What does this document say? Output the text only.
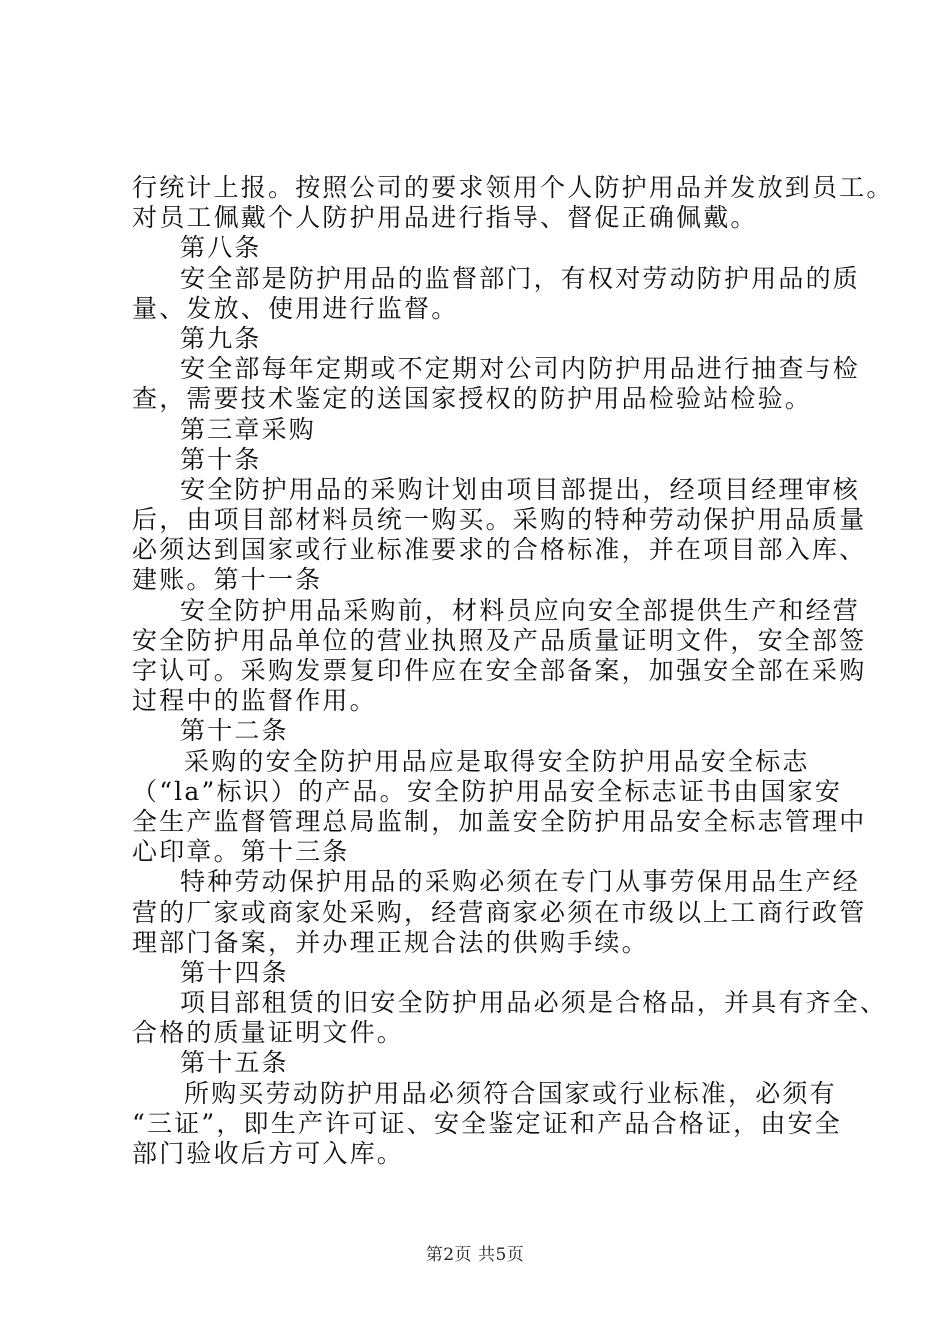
行统计上报。按照公司的要求领用个人防护用品并发放到员工。
对员工佩戴个人防护用品进行指导、督促正确佩戴。
第八条
安全部是防护用品的监督部门，有权对劳动防护用品的质
量、发放、使用进行监督。
第九条
安全部每年定期或不定期对公司内防护用品进行抽查与检
查，需要技术鉴定的送国家授权的防护用品检验站检验。
第三章采购
第十条
安全防护用品的采购计划由项目部提出，经项目经理审核
后，由项目部材料员统一购买。采购的特种劳动保护用品质量
必须达到国家或行业标准要求的合格标准，并在项目部入库、
建账。第十一条
安全防护用品采购前，材料员应向安全部提供生产和经营
安全防护用品单位的营业执照及产品质量证明文件，安全部签
字认可。采购发票复印件应在安全部备案，加强安全部在采购
过程中的监督作用。
第十二条
采购的安全防护用品应是取得安全防护用品安全标志
（“la”标识）的产品。安全防护用品安全标志证书由国家安
全生产监督管理总局监制，加盖安全防护用品安全标志管理中
心印章。第十三条
特种劳动保护用品的采购必须在专门从事劳保用品生产经
营的厂家或商家处采购，经营商家必须在市级以上工商行政管
理部门备案，并办理正规合法的供购手续。
第十四条
项目部租赁的旧安全防护用品必须是合格品，并具有齐全、
合格的质量证明文件。
第十五条
所购买劳动防护用品必须符合国家或行业标准，必须有
“三证”，即生产许可证、安全鉴定证和产品合格证，由安全
部门验收后方可入库。
第2页 共5页
